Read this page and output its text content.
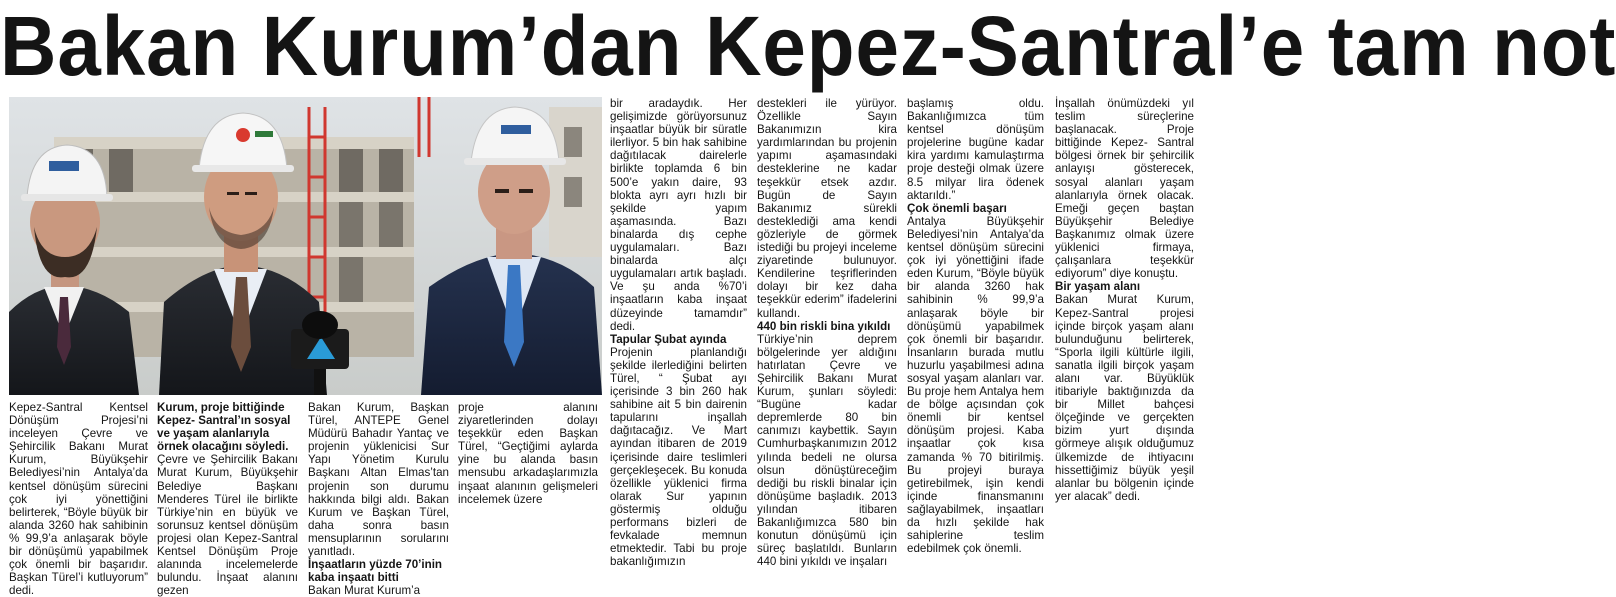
Bakan Kurum’dan Kepez-Santral’e tam not

Kepez-Santral Kentsel Dönüşüm Projesi’ni inceleyen Çevre ve Şehircilik Bakanı Murat Kurum, Büyükşehir Belediyesi’nin Antalya’da kentsel dönüşüm sürecini çok iyi yönettiğini belirterek, “Böyle büyük bir alanda 3260 hak sahibinin % 99,9’a anlaşarak böyle bir dönüşümü yapabilmek çok önemli bir başarıdır. Başkan Türel’i kutluyorum” dedi.

Kurum, proje bittiğinde Kepez- Santral’ın sosyal ve yaşam alanlarıyla örnek olacağını söyledi.
Çevre ve Şehircilik Bakanı Murat Kurum, Büyükşehir Belediye Başkanı Menderes Türel ile birlikte Türkiye’nin en büyük ve sorunsuz kentsel dönüşüm projesi olan Kepez-Santral Kentsel Dönüşüm Proje alanında incelemelerde bulundu. İnşaat alanını gezen
Bakan Kurum, Başkan Türel, ANTEPE Genel Müdürü Bahadır Yantaç ve projenin yüklenicisi Sur Yapı Yönetim Kurulu Başkanı Altan Elmas’tan projenin son durumu hakkında bilgi aldı. Bakan Kurum ve Başkan Türel, daha sonra basın mensuplarının sorularını yanıtladı.
İnşaatların yüzde 70’inin kaba inşaatı bitti
Bakan Murat Kurum’a

proje alanını ziyaretlerinden dolayı teşekkür eden Başkan Türel, “Geçtiğimi aylarda yine bu alanda basın mensubu arkadaşlarımızla inşaat alanının gelişmeleri incelemek üzere

bir aradaydık. Her gelişimizde görüyorsunuz inşaatlar büyük bir süratle ilerliyor. 5 bin hak sahibine dağıtılacak dairelerle birlikte toplamda 6 bin 500’e yakın daire, 93 blokta ayrı ayrı hızlı bir şekilde yapım aşamasında. Bazı binalarda dış cephe uygulamaları. Bazı binalarda alçı uygulamaları artık başladı. Ve şu anda %70’i inşaatların kaba inşaat düzeyinde tamamdır” dedi.
Tapular Şubat ayında
Projenin planlandığı şekilde ilerlediğini belirten Türel, “ Şubat ayı içerisinde 3 bin 260 hak sahibine ait 5 bin dairenin tapularını inşallah dağıtacağız. Ve Mart ayından itibaren de 2019 içerisinde daire teslimleri gerçekleşecek. Bu konuda özellikle yüklenici firma olarak Sur yapının göstermiş olduğu performans bizleri de fevkalade memnun etmektedir. Tabi bu proje bakanlığımızın
destekleri ile yürüyor. Özellikle Sayın Bakanımızın kira yardımlarından bu projenin yapımı aşamasındaki desteklerine ne kadar teşekkür etsek azdır. Bugün de Sayın Bakanımız sürekli desteklediği ama kendi gözleriyle de görmek istediği bu projeyi inceleme ziyaretinde bulunuyor. Kendilerine teşriflerinden dolayı bir kez daha teşekkür ederim” ifadelerini kullandı.
440 bin riskli bina yıkıldı
Türkiye’nin deprem bölgelerinde yer aldığını hatırlatan Çevre ve Şehircilik Bakanı Murat Kurum, şunları söyledi: “Bugüne kadar depremlerde 80 bin canımızı kaybettik. Sayın Cumhurbaşkanımızın 2012 yılında bedeli ne olursa olsun dönüştüreceğim dediği bu riskli binalar için dönüşüme başladık. 2013 yılından itibaren Bakanlığımızca 580 bin konutun dönüşümü için süreç başlatıldı. Bunların 440 bini yıkıldı ve inşaları
başlamış oldu. Bakanlığımızca tüm kentsel dönüşüm projelerine bugüne kadar kira yardımı kamulaştırma proje desteği olmak üzere 8.5 milyar lira ödenek aktarıldı.”
Çok önemli başarı
Antalya Büyükşehir Belediyesi’nin Antalya’da kentsel dönüşüm sürecini çok iyi yönettiğini ifade eden Kurum, “Böyle büyük bir alanda 3260 hak sahibinin % 99,9’a anlaşarak böyle bir dönüşümü yapabilmek çok önemli bir başarıdır. İnsanların burada mutlu huzurlu yaşabilmesi adına sosyal yaşam alanları var. Bu proje hem Antalya hem de bölge açısından çok önemli bir kentsel dönüşüm projesi. Kaba inşaatlar çok kısa zamanda % 70 bitirilmiş. Bu projeyi buraya getirebilmek, işin kendi içinde finansmanını sağlayabilmek, inşaatları da hızlı şekilde hak sahiplerine teslim edebilmek çok önemli.
İnşallah önümüzdeki yıl teslim süreçlerine başlanacak. Proje bittiğinde Kepez- Santral bölgesi örnek bir şehircilik anlayışı gösterecek, sosyal alanları yaşam alanlarıyla örnek olacak. Emeği geçen baştan Büyükşehir Belediye Başkanımız olmak üzere yüklenici firmaya, çalışanlara teşekkür ediyorum” diye konuştu.
Bir yaşam alanı
Bakan Murat Kurum, Kepez-Santral projesi içinde birçok yaşam alanı bulunduğunu belirterek, “Sporla ilgili kültürle ilgili, sanatla ilgili birçok yaşam alanı var. Büyüklük itibariyle baktığınızda da bir Millet bahçesi ölçeğinde ve gerçekten bizim yurt dışında görmeye alışık olduğumuz ülkemizde de ihtiyacını hissettiğimiz büyük yeşil alanlar bu bölgenin içinde yer alacak” dedi.
